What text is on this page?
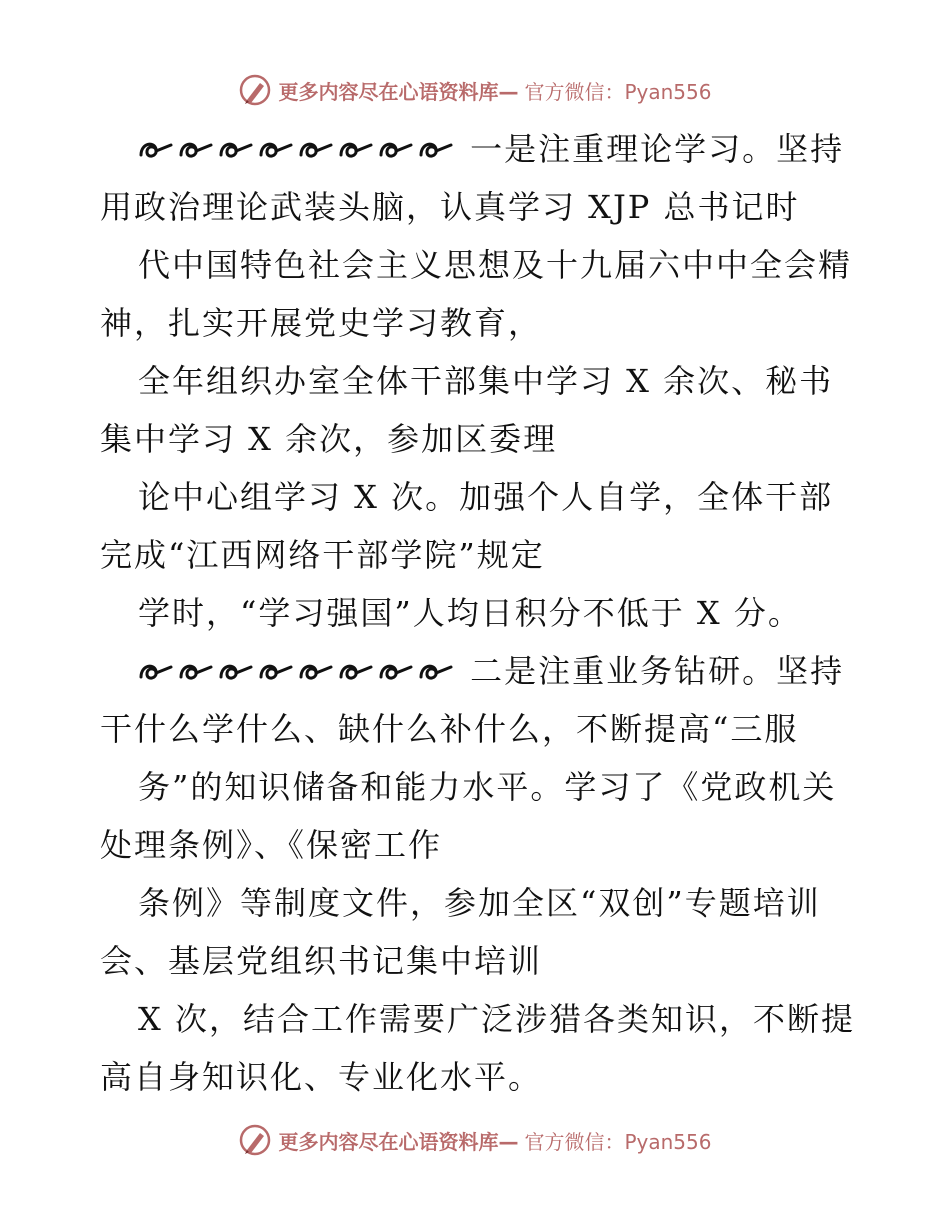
更多内容尽在心语资料库— 官方微信：Pyan556
一是注重理论学习。坚持
用政治理论武装头脑，认真学习 XJP 总书记时
代中国特色社会主义思想及十九届六中中全会精
神，扎实开展党史学习教育，
全年组织办室全体干部集中学习 X 余次、秘书
集中学习 X 余次，参加区委理
论中心组学习 X 次。加强个人自学，全体干部
完成“江西网络干部学院”规定
学时，“学习强国”人均日积分不低于 X 分。
二是注重业务钻研。坚持
干什么学什么、缺什么补什么，不断提高“三服
务”的知识储备和能力水平。学习了《党政机关
处理条例》、《保密工作
条例》等制度文件，参加全区“双创”专题培训
会、基层党组织书记集中培训
X 次，结合工作需要广泛涉猎各类知识，不断提
高自身知识化、专业化水平。
更多内容尽在心语资料库— 官方微信：Pyan556
